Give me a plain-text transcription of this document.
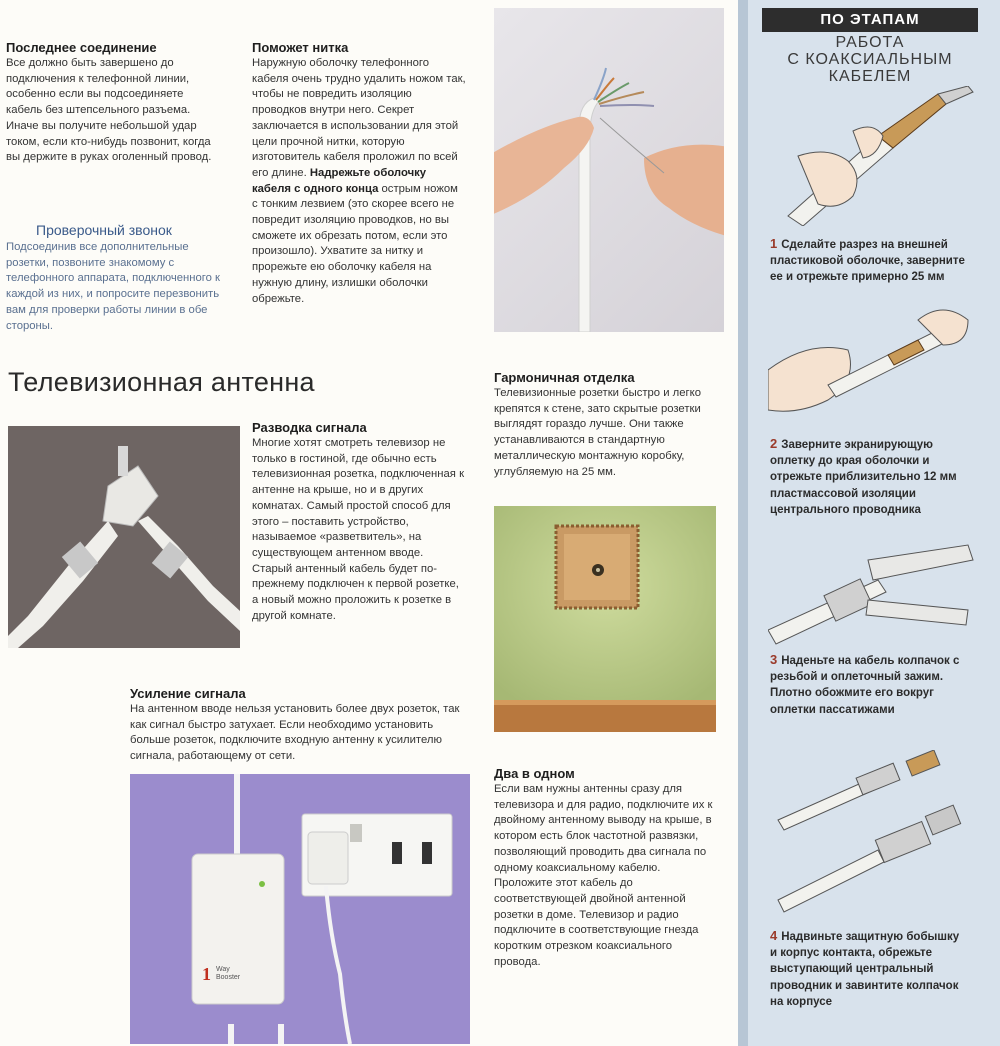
Последнее соединение
Все должно быть завершено до подключения к телефонной линии, особенно если вы подсоединяете кабель без штепсельного разъема. Иначе вы получите небольшой удар током, если кто-нибудь позвонит, когда вы держите в руках оголенный провод.
Проверочный звонок
Подсоединив все дополнительные розетки, позвоните знакомому с телефонного аппарата, подключенного к каждой из них, и попросите перезвонить вам для проверки работы линии в обе стороны.
Поможет нитка
Наружную оболочку телефонного кабеля очень трудно удалить ножом так, чтобы не повредить изоляцию проводков внутри него. Секрет заключается в использовании для этой цели прочной нитки, которую изготовитель кабеля проложил по всей его длине. Надрежьте оболочку кабеля с одного конца острым ножом с тонким лезвием (это скорее всего не повредит изоляцию проводков, но вы сможете их обрезать потом, если это произошло). Ухватите за нитку и прорежьте ею оболочку кабеля на нужную длину, излишки оболочки обрежьте.
Телевизионная антенна
Разводка сигнала
Многие хотят смотреть телевизор не только в гостиной, где обычно есть телевизионная розетка, подключенная к антенне на крыше, но и в других комнатах. Самый простой способ для этого – поставить устройство, называемое «разветвитель», на существующем антенном вводе. Старый антенный кабель будет по-прежнему подключен к первой розетке, а новый можно проложить к розетке в другой комнате.
Гармоничная отделка
Телевизионные розетки быстро и легко крепятся к стене, зато скрытые розетки выглядят гораздо лучше. Они также устанавливаются в стандартную металлическую монтажную коробку, углубляемую на 25 мм.
Усиление сигнала
На антенном вводе нельзя установить более двух розеток, так как сигнал быстро затухает. Если необходимо установить больше розеток, подключите входную антенну к усилителю сигнала, работающему от сети.
1 Way
Booster
Два в одном
Если вам нужны антенны сразу для телевизора и для радио, подключите их к двойному антенному выводу на крыше, в котором есть блок частотной развязки, позволяющий проводить два сигнала по одному коаксиальному кабелю. Проложите этот кабель до соответствующей двойной антенной розетки в доме. Телевизор и радио подключите в соответствующие гнезда коротким отрезком коаксиального провода.
ПО ЭТАПАМ
РАБОТА
С КОАКСИАЛЬНЫМ
КАБЕЛЕМ
1 Сделайте разрез на внешней пластиковой оболочке, заверните ее и отрежьте примерно 25 мм
2 Заверните экранирующую оплетку до края оболочки и отрежьте приблизительно 12 мм пластмассовой изоляции центрального проводника
3 Наденьте на кабель колпачок с резьбой и оплеточный зажим. Плотно обожмите его вокруг оплетки пассатижами
4 Надвиньте защитную бобышку и корпус контакта, обрежьте выступающий центральный проводник и завинтите колпачок на корпусе
